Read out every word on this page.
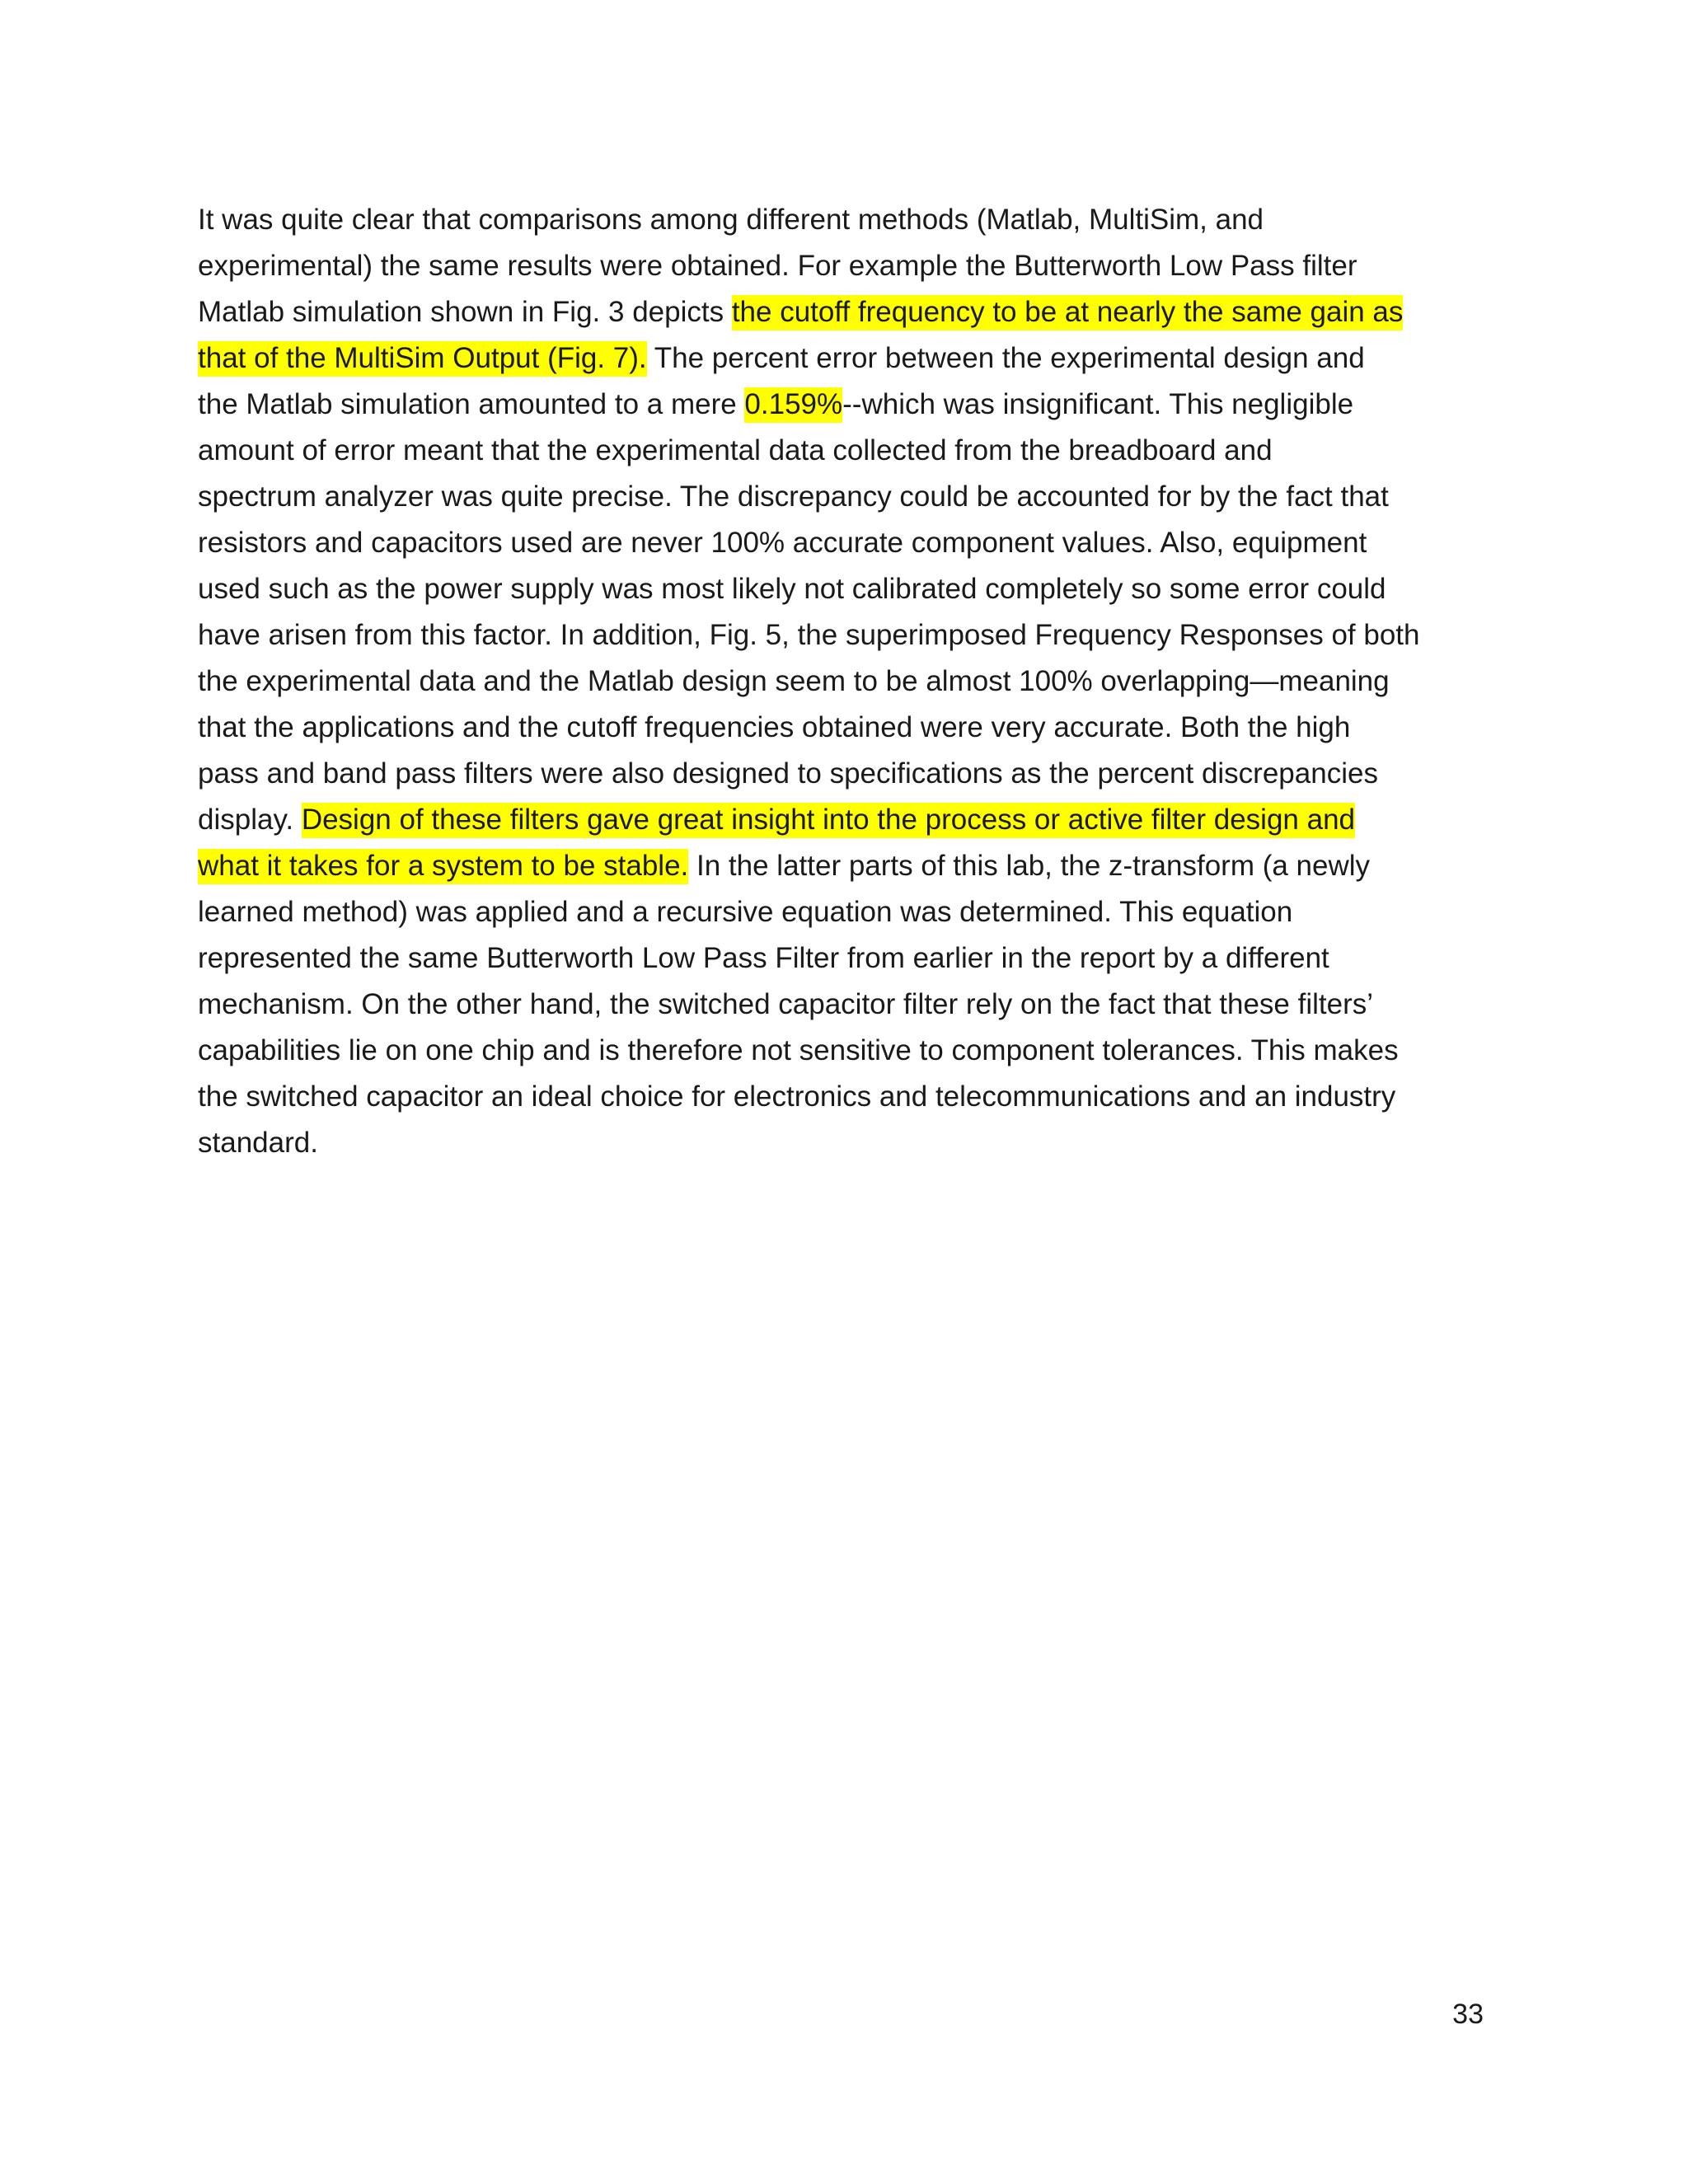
It was quite clear that comparisons among different methods (Matlab, MultiSim, and
experimental) the same results were obtained. For example the Butterworth Low Pass filter
Matlab simulation shown in Fig. 3 depicts the cutoff frequency to be at nearly the same gain as
that of the MultiSim Output (Fig. 7). The percent error between the experimental design and
the Matlab simulation amounted to a mere 0.159%--which was insignificant. This negligible
amount of error meant that the experimental data collected from the breadboard and
spectrum analyzer was quite precise. The discrepancy could be accounted for by the fact that
resistors and capacitors used are never 100% accurate component values. Also, equipment
used such as the power supply was most likely not calibrated completely so some error could
have arisen from this factor. In addition, Fig. 5, the superimposed Frequency Responses of both
the experimental data and the Matlab design seem to be almost 100% overlapping—meaning
that the applications and the cutoff frequencies obtained were very accurate. Both the high
pass and band pass filters were also designed to specifications as the percent discrepancies
display. Design of these filters gave great insight into the process or active filter design and
what it takes for a system to be stable. In the latter parts of this lab, the z-transform (a newly
learned method) was applied and a recursive equation was determined. This equation
represented the same Butterworth Low Pass Filter from earlier in the report by a different
mechanism. On the other hand, the switched capacitor filter rely on the fact that these filters’
capabilities lie on one chip and is therefore not sensitive to component tolerances. This makes
the switched capacitor an ideal choice for electronics and telecommunications and an industry
standard.

33
